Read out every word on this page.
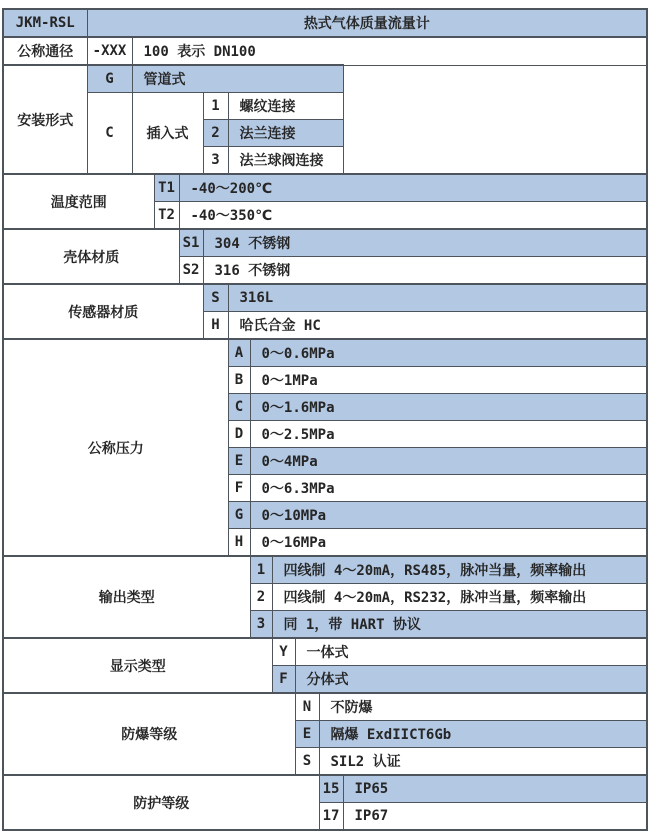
JKM-RSL	热式气体质量流量计										
公称通径	-XXX	100 表示 DN100									
安装形式	G	管道式									
	C	插入式			1	螺纹连接					
					2	法兰连接					
					3	法兰球阀连接					
温度范围			T1	-40～200℃							
			T2	-40～350℃							
壳体材质				S1	304 不锈钢						
				S2	316 不锈钢						
传感器材质					S	316L					
					H	哈氏合金 HC					
公称压力						A	0～0.6MPa				
						B	0～1MPa				
						C	0～1.6MPa				
						D	0～2.5MPa				
						E	0～4MPa				
						F	0～6.3MPa				
						G	0～10MPa				
						H	0～16MPa				
输出类型							1	四线制 4～20mA，RS485，脉冲当量，频率输出			
							2	四线制 4～20mA，RS232，脉冲当量，频率输出			
							3	同 1，带 HART 协议			
显示类型								Y	一体式		
								F	分体式		
防爆等级									N	不防爆	
									E	隔爆 ExdIICT6Gb	
									S	SIL2 认证	
防护等级										15	IP65
										17	IP67
